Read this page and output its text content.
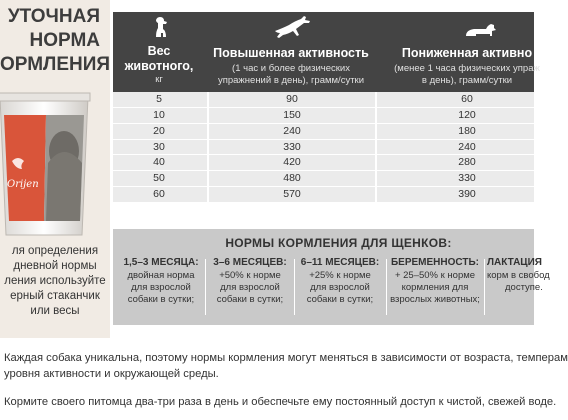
УТОЧНАЯ
НОРМА
ОРМЛЕНИЯ
Orijen
ля определения
дневной нормы
ления используйте
ерный стаканчик
или весы
Вес
животного,
кг
Повышенная активность
(1 час и более физических
упражнений в день), грамм/сутки
Пониженная активно
(менее 1 часа физических упраж
в день), грамм/сутки
5	90	60
10	150	120
20	240	180
30	330	240
40	420	280
50	480	330
60	570	390
НОРМЫ КОРМЛЕНИЯ ДЛЯ ЩЕНКОВ:
1,5–3 МЕСЯЦА:
двойная норма
для взрослой
собаки в сутки;
3–6 МЕСЯЦЕВ:
+50% к норме
для взрослой
собаки в сутки;
6–11 МЕСЯЦЕВ:
+25% к норме
для взрослой
собаки в сутки;
БЕРЕМЕННОСТЬ:
+ 25–50% к норме
кормления для
взрослых животных;
ЛАКТАЦИЯ
корм в свобод
доступе.

Каждая собака уникальна, поэтому нормы кормления могут меняться в зависимости от возраста, темперам

уровня активности и окружающей среды.

Кормите своего питомца два-три раза в день и обеспечьте ему постоянный доступ к чистой, свежей воде.
